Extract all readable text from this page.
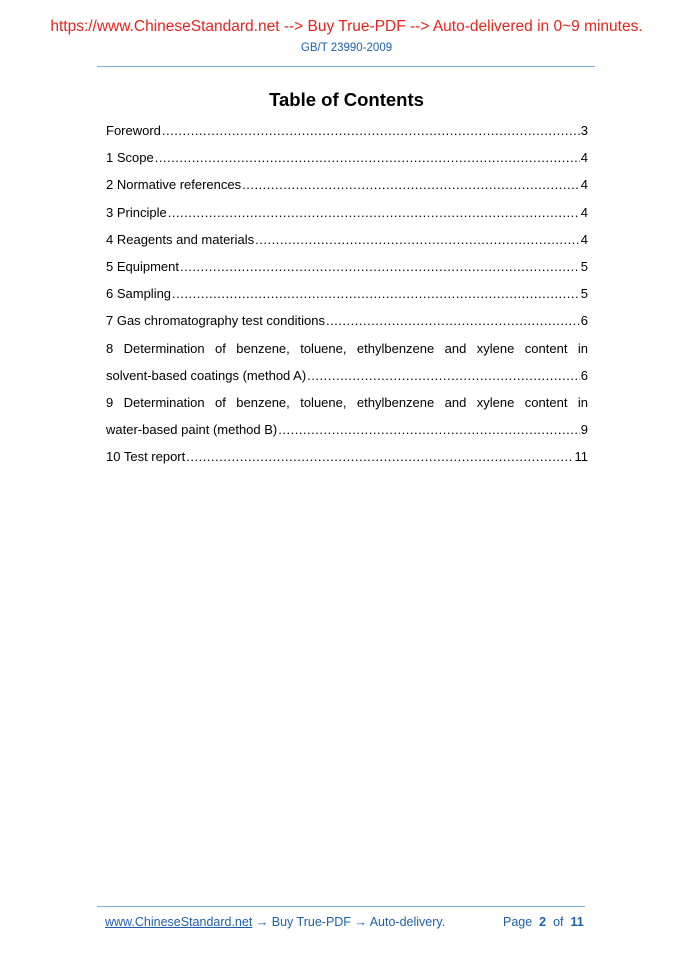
https://www.ChineseStandard.net --> Buy True-PDF --> Auto-delivered in 0~9 minutes.
GB/T 23990-2009
Table of Contents
Foreword .....	3
1 Scope .....	4
2 Normative references .....	4
3 Principle .....	4
4 Reagents and materials .....	4
5 Equipment .....	5
6 Sampling .....	5
7 Gas chromatography test conditions .....	6
8 Determination of benzene, toluene, ethylbenzene and xylene content in
solvent-based coatings (method A) .....	6
9 Determination of benzene, toluene, ethylbenzene and xylene content in
water-based paint (method B) .....	9
10 Test report .....	11
www.ChineseStandard.net → Buy True-PDF → Auto-delivery.	Page 2 of 11
